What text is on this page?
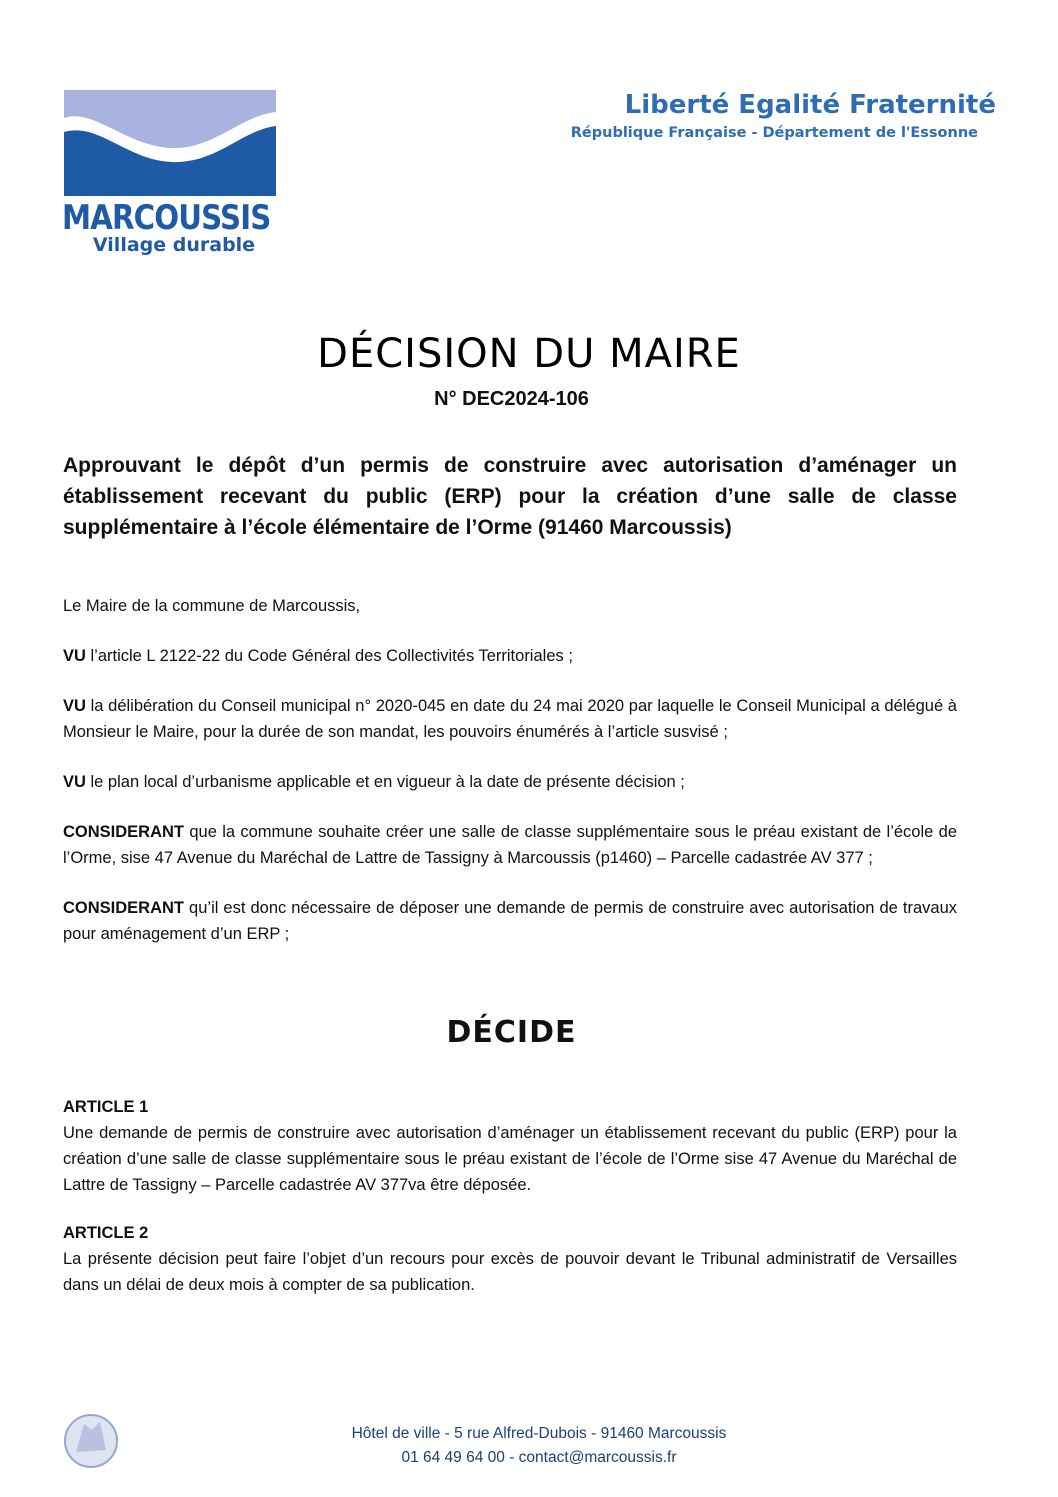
MARCOUSSIS
Village durable
Liberté Egalité Fraternité
République Française - Département de l'Essonne
DÉCISION DU MAIRE
N° DEC2024-106
Approuvant le dépôt d’un permis de construire avec autorisation d’aménager un établissement recevant du public (ERP) pour la création d’une salle de classe supplémentaire à l’école élémentaire de l’Orme (91460 Marcoussis)

Le Maire de la commune de Marcoussis,

VU l’article L 2122-22 du Code Général des Collectivités Territoriales ;

VU la délibération du Conseil municipal n° 2020-045 en date du 24 mai 2020 par laquelle le Conseil Municipal a délégué à Monsieur le Maire, pour la durée de son mandat, les pouvoirs énumérés à l’article susvisé ;

VU le plan local d’urbanisme applicable et en vigueur à la date de présente décision ;

CONSIDERANT que la commune souhaite créer une salle de classe supplémentaire sous le préau existant de l’école de l’Orme, sise 47 Avenue du Maréchal de Lattre de Tassigny à Marcoussis (p1460) – Parcelle cadastrée AV 377 ;

CONSIDERANT qu’il est donc nécessaire de déposer une demande de permis de construire avec autorisation de travaux pour aménagement d’un ERP ;

DÉCIDE
ARTICLE 1
Une demande de permis de construire avec autorisation d’aménager un établissement recevant du public (ERP) pour la création d’une salle de classe supplémentaire sous le préau existant de l’école de l’Orme sise 47 Avenue du Maréchal de Lattre de Tassigny – Parcelle cadastrée AV 377va être déposée.
ARTICLE 2
La présente décision peut faire l’objet d’un recours pour excès de pouvoir devant le Tribunal administratif de Versailles dans un délai de deux mois à compter de sa publication.
Hôtel de ville - 5 rue Alfred-Dubois - 91460 Marcoussis
01 64 49 64 00 - contact@marcoussis.fr
